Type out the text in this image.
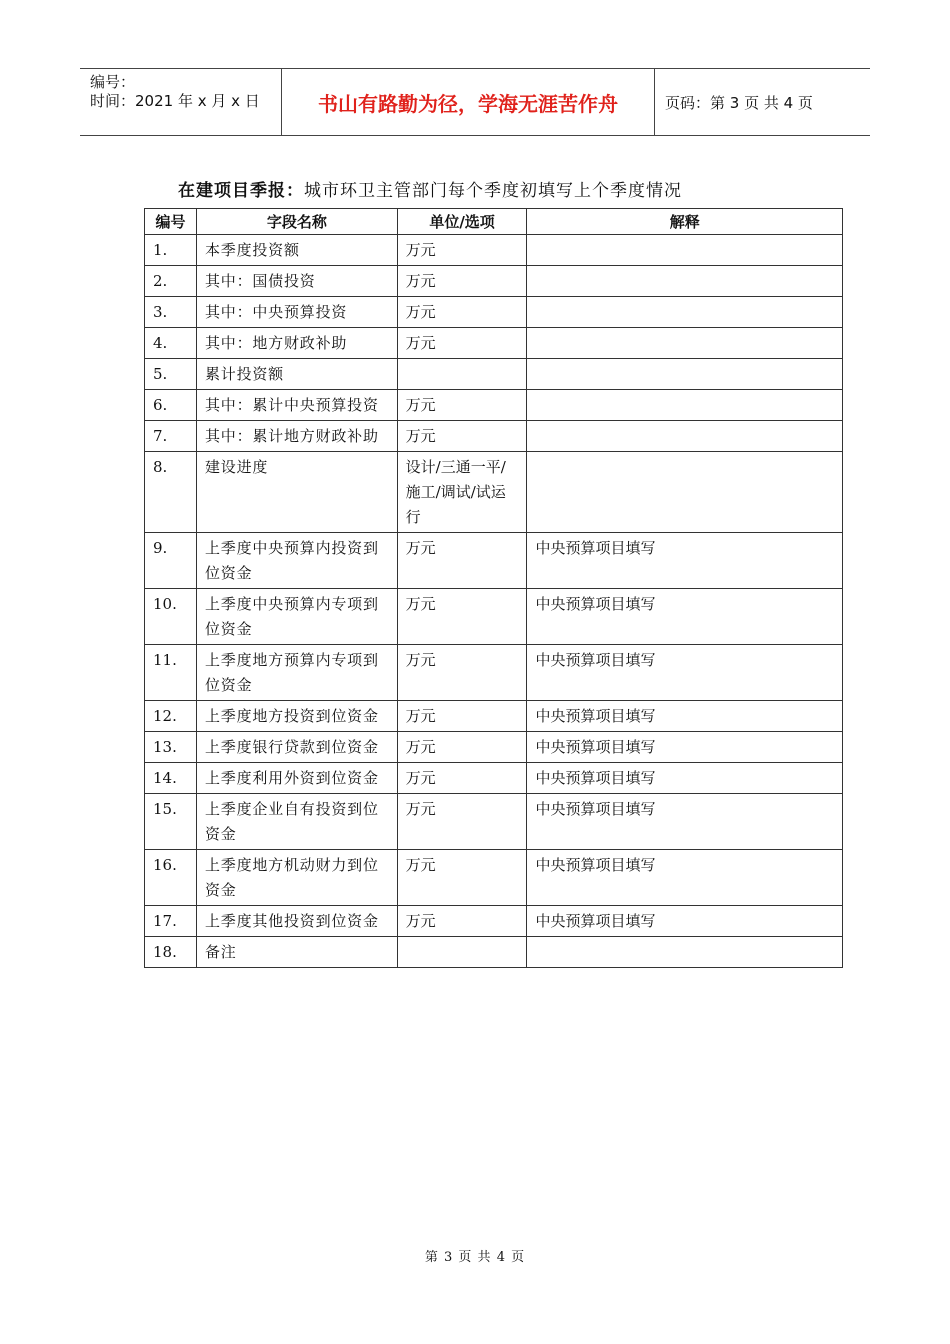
编号：
时间：2021 年 x 月 x 日	书山有路勤为径，学海无涯苦作舟	页码：第 3 页 共 4 页
在建项目季报：城市环卫主管部门每个季度初填写上个季度情况
编号	字段名称	单位/选项	解释
1.	本季度投资额	万元	
2.	其中：国债投资	万元	
3.	其中：中央预算投资	万元	
4.	其中：地方财政补助	万元	
5.	累计投资额		
6.	其中：累计中央预算投资	万元	
7.	其中：累计地方财政补助	万元	
8.	建设进度	设计/三通一平/施工/调试/试运行	
9.	上季度中央预算内投资到位资金	万元	中央预算项目填写
10.	上季度中央预算内专项到位资金	万元	中央预算项目填写
11.	上季度地方预算内专项到位资金	万元	中央预算项目填写
12.	上季度地方投资到位资金	万元	中央预算项目填写
13.	上季度银行贷款到位资金	万元	中央预算项目填写
14.	上季度利用外资到位资金	万元	中央预算项目填写
15.	上季度企业自有投资到位资金	万元	中央预算项目填写
16.	上季度地方机动财力到位资金	万元	中央预算项目填写
17.	上季度其他投资到位资金	万元	中央预算项目填写
18.	备注		
第 3 页 共 4 页
